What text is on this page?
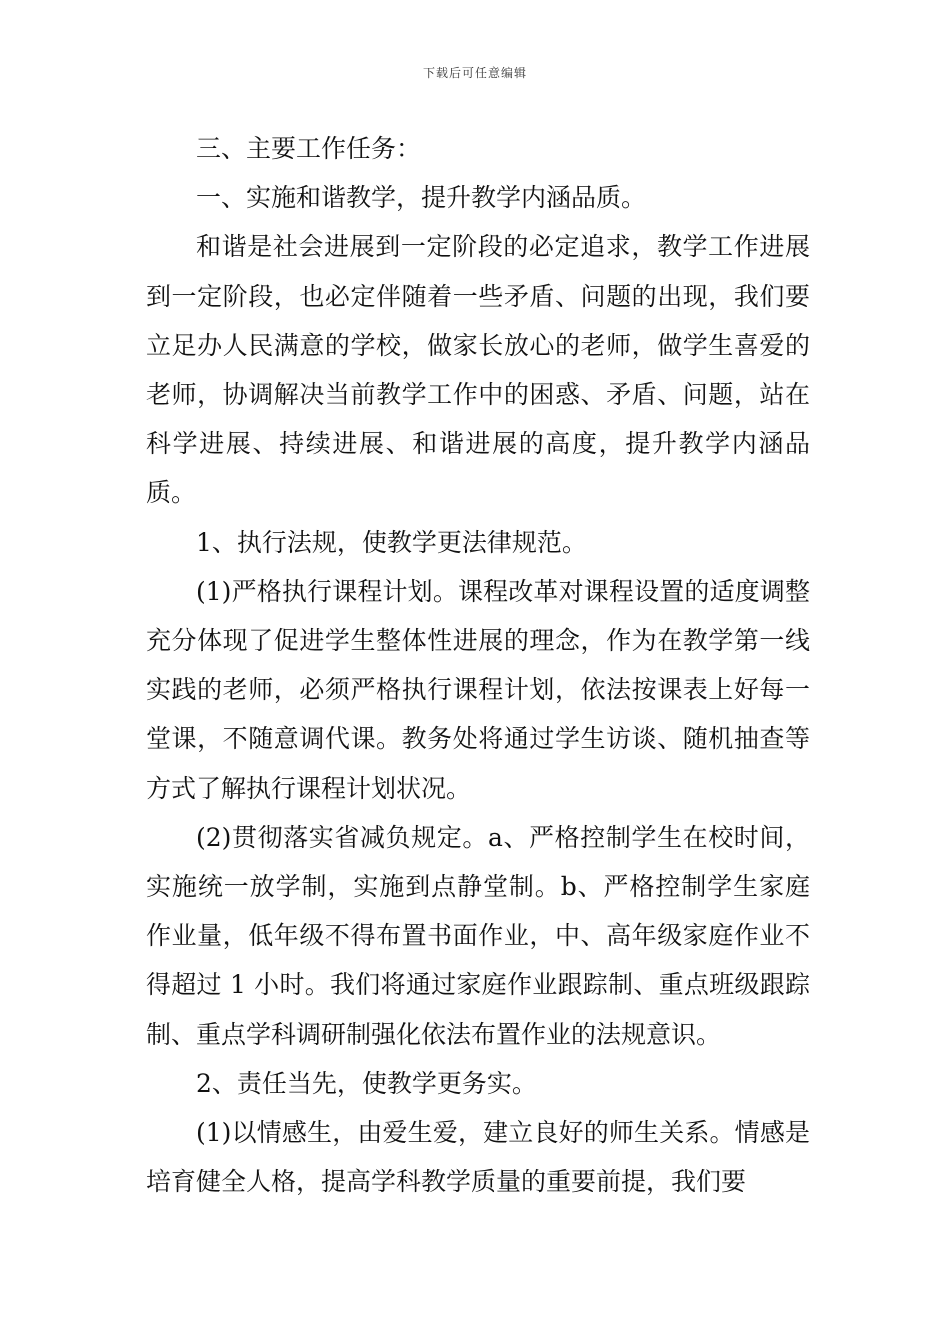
下载后可任意编辑

三、主要工作任务：

一、实施和谐教学，提升教学内涵品质。

和谐是社会进展到一定阶段的必定追求，教学工作进展到一定阶段，也必定伴随着一些矛盾、问题的出现，我们要立足办人民满意的学校，做家长放心的老师，做学生喜爱的老师，协调解决当前教学工作中的困惑、矛盾、问题，站在科学进展、持续进展、和谐进展的高度，提升教学内涵品质。

1、执行法规，使教学更法律规范。

(1)严格执行课程计划。课程改革对课程设置的适度调整充分体现了促进学生整体性进展的理念，作为在教学第一线实践的老师，必须严格执行课程计划，依法按课表上好每一堂课，不随意调代课。教务处将通过学生访谈、随机抽查等方式了解执行课程计划状况。

(2)贯彻落实省减负规定。a、严格控制学生在校时间，实施统一放学制，实施到点静堂制。b、严格控制学生家庭作业量，低年级不得布置书面作业，中、高年级家庭作业不得超过 1 小时。我们将通过家庭作业跟踪制、重点班级跟踪制、重点学科调研制强化依法布置作业的法规意识。

2、责任当先，使教学更务实。

(1)以情感生，由爱生爱，建立良好的师生关系。情感是培育健全人格，提高学科教学质量的重要前提，我们要
